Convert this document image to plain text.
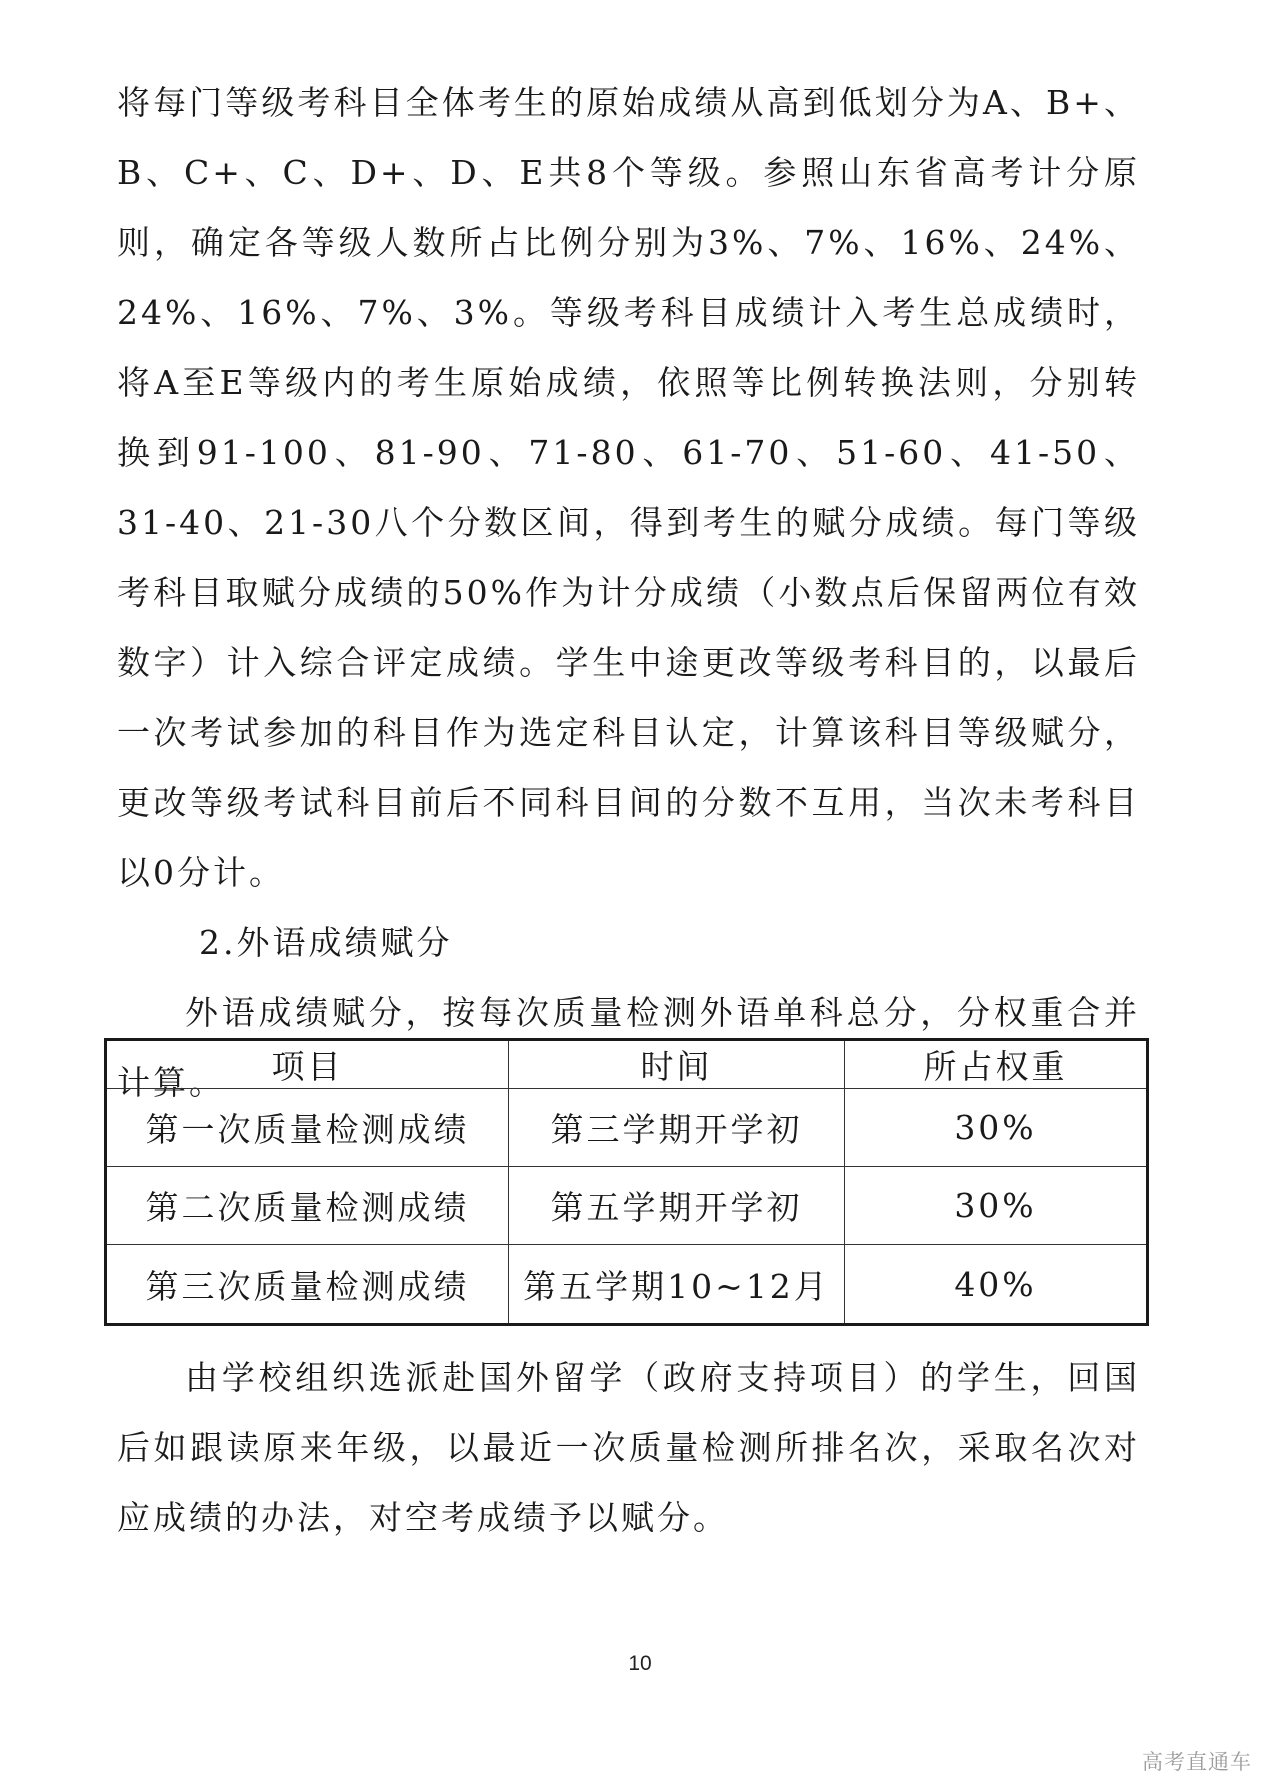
将每门等级考科目全体考生的原始成绩从高到低划分为A、B+、B、C+、C、D+、D、E共8个等级。参照山东省高考计分原则，确定各等级人数所占比例分别为3%、7%、16%、24%、24%、16%、7%、3%。等级考科目成绩计入考生总成绩时，将A至E等级内的考生原始成绩，依照等比例转换法则，分别转换到91-100、81-90、71-80、61-70、51-60、41-50、31-40、21-30八个分数区间，得到考生的赋分成绩。每门等级考科目取赋分成绩的50%作为计分成绩（小数点后保留两位有效数字）计入综合评定成绩。学生中途更改等级考科目的，以最后一次考试参加的科目作为选定科目认定，计算该科目等级赋分，更改等级考试科目前后不同科目间的分数不互用，当次未考科目以0分计。

2.外语成绩赋分

外语成绩赋分，按每次质量检测外语单科总分，分权重合并计算。	项目	时间	所占权重
第一次质量检测成绩	第三学期开学初	30%
第二次质量检测成绩	第五学期开学初	30%
第三次质量检测成绩	第五学期10~12月	40%

由学校组织选派赴国外留学（政府支持项目）的学生，回国后如跟读原来年级，以最近一次质量检测所排名次，采取名次对应成绩的办法，对空考成绩予以赋分。

10
高考直通车
